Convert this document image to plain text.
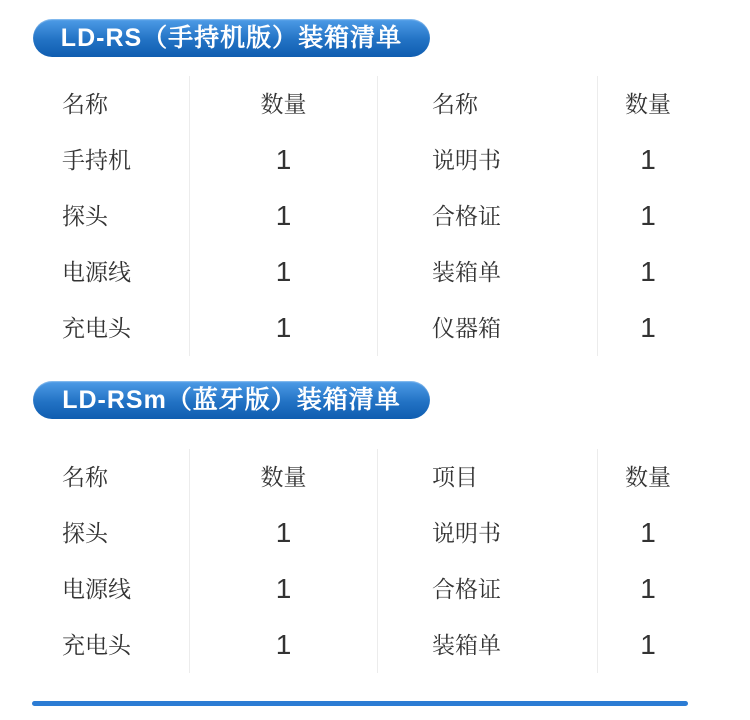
LD-RS（手持机版）装箱清单
名称	数量	名称	数量
手持机	1	说明书	1
探头	1	合格证	1
电源线	1	装箱单	1
充电头	1	仪器箱	1
LD-RSm（蓝牙版）装箱清单
名称	数量	项目	数量
探头	1	说明书	1
电源线	1	合格证	1
充电头	1	装箱单	1
